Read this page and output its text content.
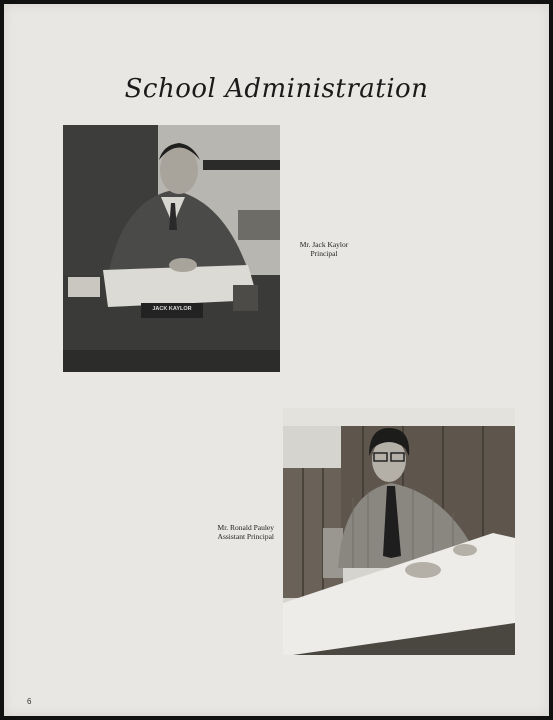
School Administration
JACK KAYLOR
Mr. Jack Kaylor
Principal
Mr. Ronald Pauley
Assistant Principal
6
